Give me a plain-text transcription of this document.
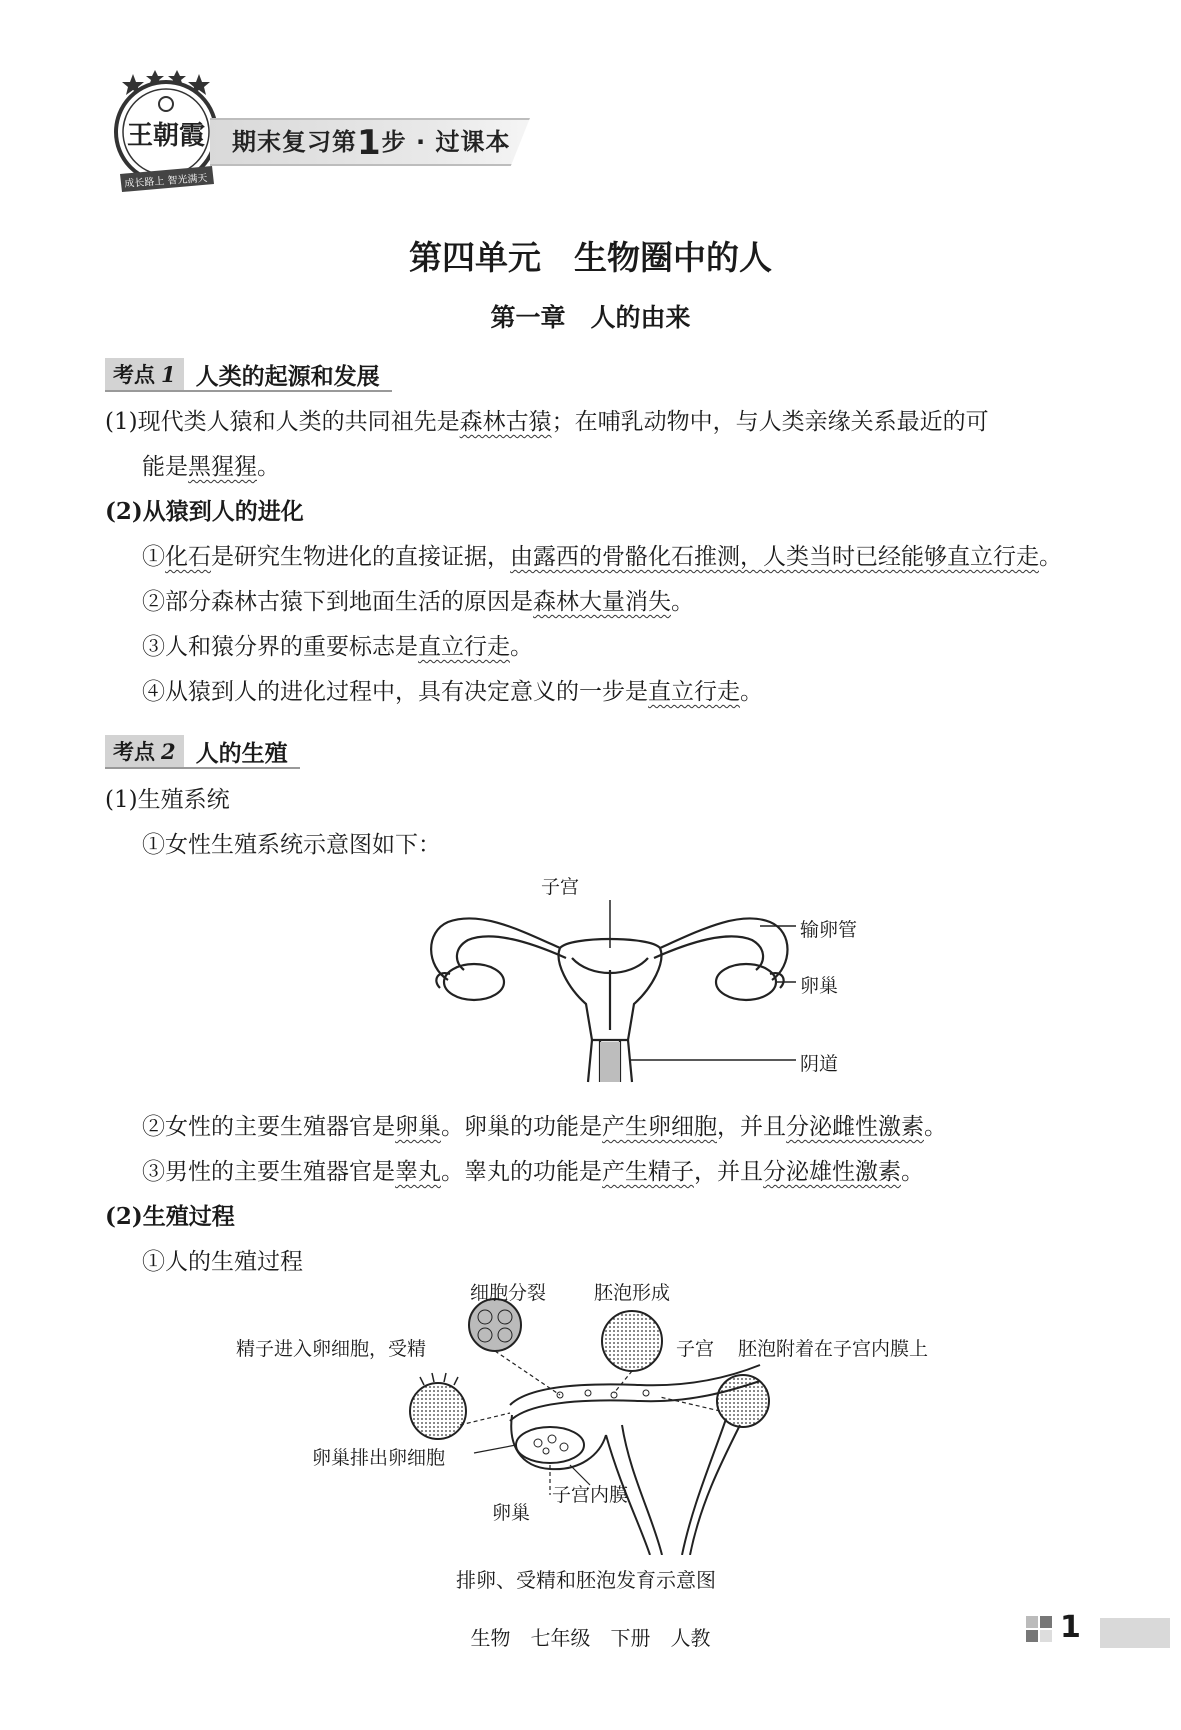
王朝霞
成长路上 智光满天
期末复习第1步 · 过课本
第四单元　生物圈中的人
第一章　人的由来
考点 1 人类的起源和发展
(1)现代类人猿和人类的共同祖先是森林古猿；在哺乳动物中，与人类亲缘关系最近的可
能是黑猩猩。
(2)从猿到人的进化
①化石是研究生物进化的直接证据，由露西的骨骼化石推测，人类当时已经能够直立行走。
②部分森林古猿下到地面生活的原因是森林大量消失。
③人和猿分界的重要标志是直立行走。
④从猿到人的进化过程中，具有决定意义的一步是直立行走。
考点 2 人的生殖
(1)生殖系统
①女性生殖系统示意图如下：
子宫
输卵管
卵巢
阴道
②女性的主要生殖器官是卵巢。卵巢的功能是产生卵细胞，并且分泌雌性激素。
③男性的主要生殖器官是睾丸。睾丸的功能是产生精子，并且分泌雄性激素。
(2)生殖过程
①人的生殖过程
细胞分裂	胚泡形成
精子进入卵细胞，受精	子宫 胚泡附着在子宫内膜上
卵巢排出卵细胞
卵巢
子宫内膜
排卵、受精和胚泡发育示意图
生物　七年级　下册　人教	1
